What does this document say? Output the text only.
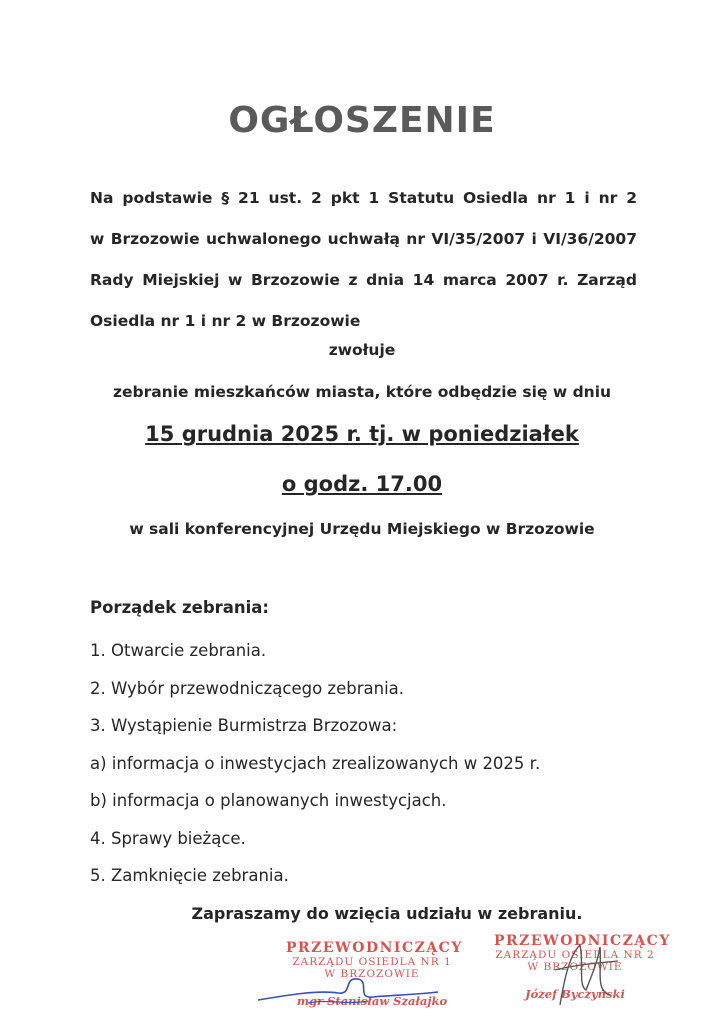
OGŁOSZENIE
Na podstawie § 21 ust. 2 pkt 1 Statutu Osiedla nr 1 i nr 2
w Brzozowie uchwalonego uchwałą nr VI/35/2007 i VI/36/2007
Rady Miejskiej w Brzozowie z dnia 14 marca 2007 r. Zarząd
Osiedla nr 1 i nr 2 w Brzozowie
zwołuje
zebranie mieszkańców miasta, które odbędzie się w dniu
15 grudnia 2025 r. tj. w poniedziałek
o godz. 17.00
w sali konferencyjnej Urzędu Miejskiego w Brzozowie
Porządek zebrania:
1. Otwarcie zebrania.
2. Wybór przewodniczącego zebrania.
3. Wystąpienie Burmistrza Brzozowa:
a) informacja o inwestycjach zrealizowanych w 2025 r.
b) informacja o planowanych inwestycjach.
4. Sprawy bieżące.
5. Zamknięcie zebrania.
Zapraszamy do wzięcia udziału w zebraniu.
PRZEWODNICZĄCY
ZARZĄDU OSIEDLA NR 1
W BRZOZOWIE
mgr Stanisław Szałajko
PRZEWODNICZĄCY
ZARZĄDU OSIEDLA NR 2
W BRZOZOWIE
Józef Byczyński
